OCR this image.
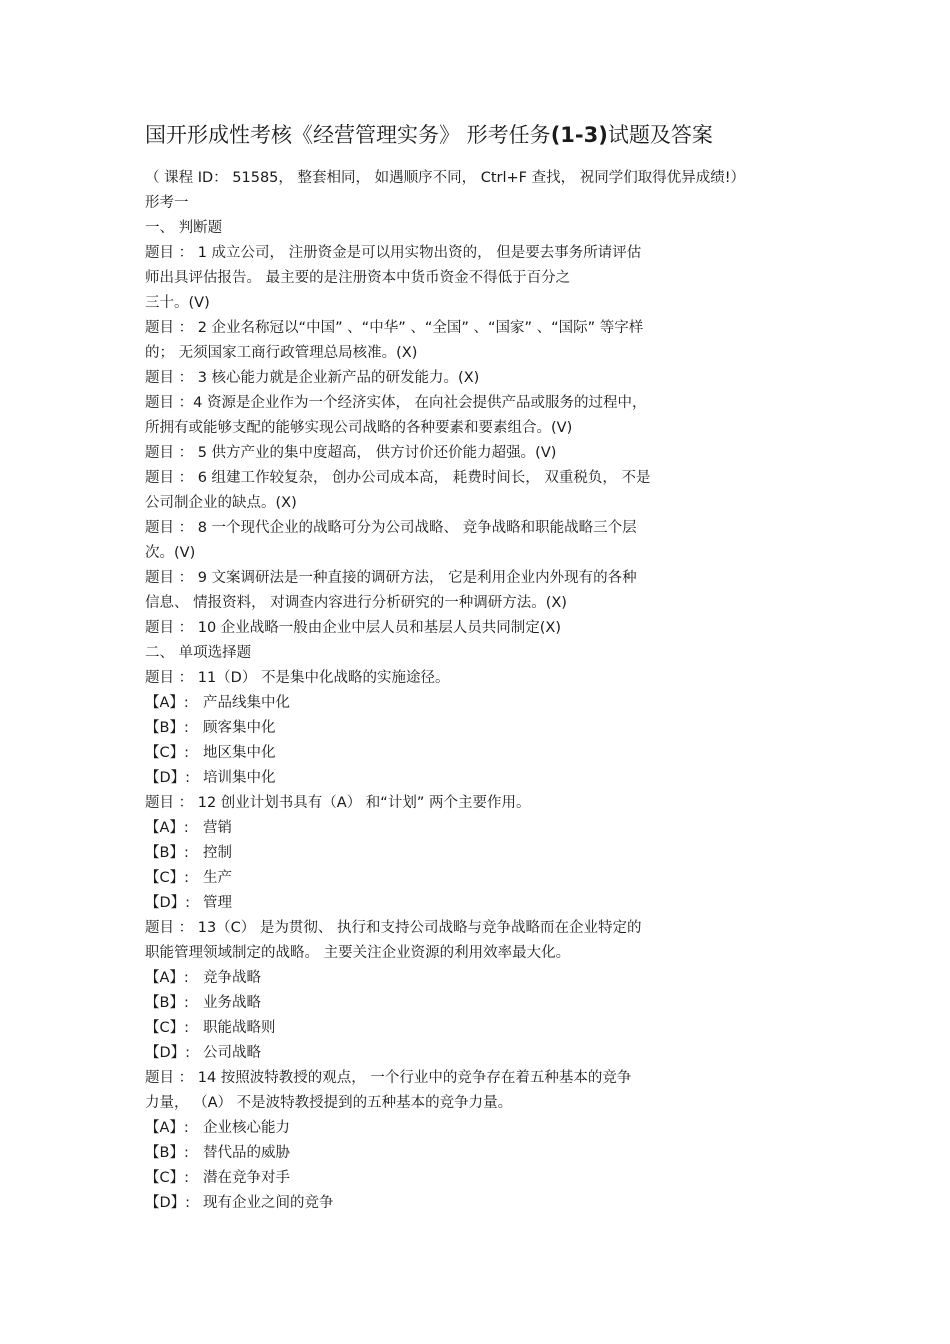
国开形成性考核《经营管理实务》 形考任务(1-3)试题及答案
（ 课程 ID： 51585， 整套相同， 如遇顺序不同， Ctrl+F 查找， 祝同学们取得优异成绩!）
形考一
一、 判断题
题目 ： 1 成立公司， 注册资金是可以用实物出资的， 但是要去事务所请评估
师出具评估报告。 最主要的是注册资本中货币资金不得低于百分之
三十。(V)
题目 ： 2 企业名称冠以“中国” 、“中华” 、“全国” 、“国家” 、“国际” 等字样
的； 无须国家工商行政管理总局核准。(X)
题目 ： 3 核心能力就是企业新产品的研发能力。(X)
题目 ：4 资源是企业作为一个经济实体， 在向社会提供产品或服务的过程中，
所拥有或能够支配的能够实现公司战略的各种要素和要素组合。(V)
题目 ： 5 供方产业的集中度超高， 供方讨价还价能力超强。(V)
题目 ： 6 组建工作较复杂， 创办公司成本高， 耗费时间长， 双重税负， 不是
公司制企业的缺点。(X)
题目 ： 8 一个现代企业的战略可分为公司战略、 竞争战略和职能战略三个层
次。(V)
题目 ： 9 文案调研法是一种直接的调研方法， 它是利用企业内外现有的各种
信息、 情报资料， 对调查内容进行分析研究的一种调研方法。(X)
题目 ： 10 企业战略一般由企业中层人员和基层人员共同制定(X)
二、 单项选择题
题目 ： 11（D） 不是集中化战略的实施途径。
【A】: 产品线集中化
【B】: 顾客集中化
【C】: 地区集中化
【D】: 培训集中化
题目 ： 12 创业计划书具有（A） 和“计划” 两个主要作用。
【A】: 营销
【B】: 控制
【C】: 生产
【D】: 管理
题目 ： 13（C） 是为贯彻、 执行和支持公司战略与竞争战略而在企业特定的
职能管理领域制定的战略。 主要关注企业资源的利用效率最大化。
【A】: 竞争战略
【B】: 业务战略
【C】: 职能战略则
【D】: 公司战略
题目 ： 14 按照波特教授的观点， 一个行业中的竞争存在着五种基本的竞争
力量， （A） 不是波特教授提到的五种基本的竞争力量。
【A】: 企业核心能力
【B】: 替代品的威胁
【C】: 潜在竞争对手
【D】: 现有企业之间的竞争
